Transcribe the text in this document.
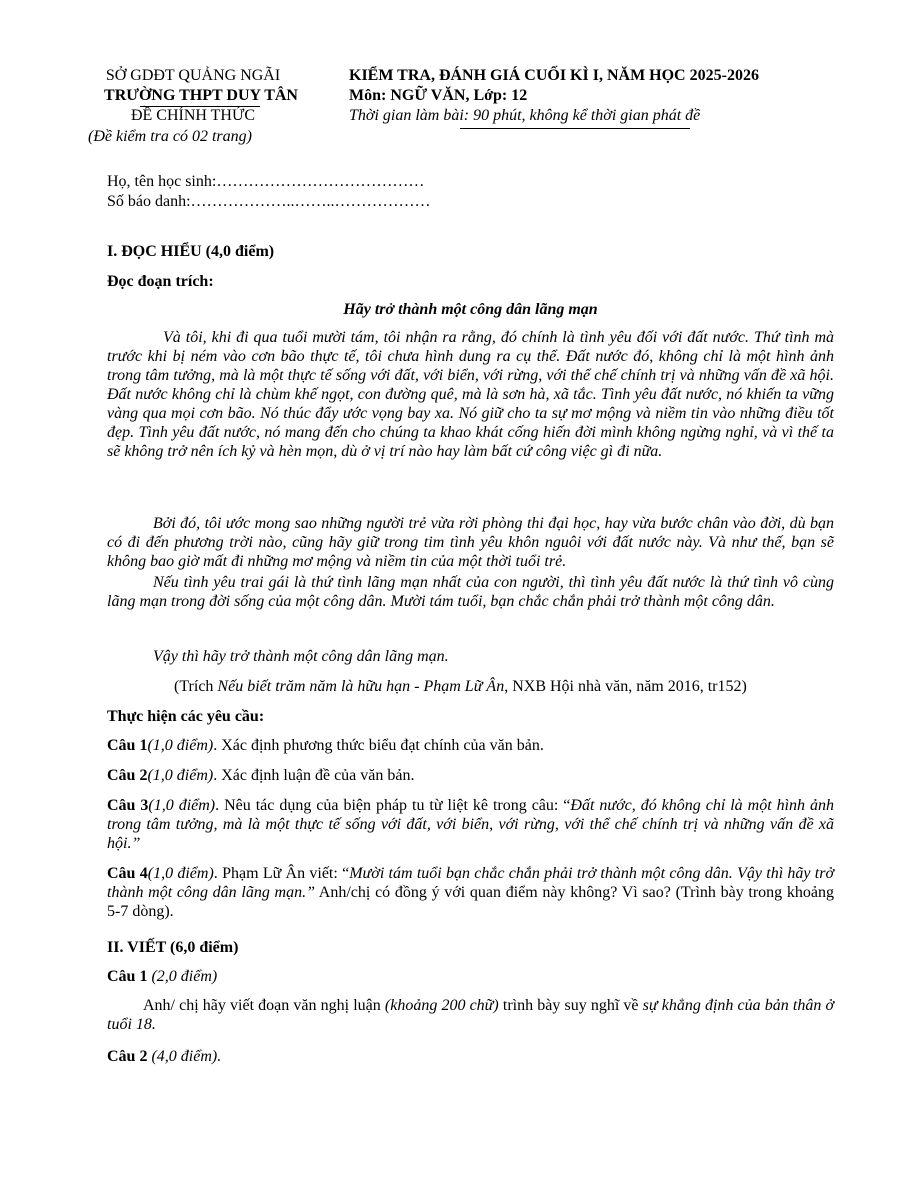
SỞ GDĐT QUẢNG NGÃI
TRƯỜNG THPT DUY TÂN
ĐỀ CHÍNH THỨC
(Đề kiểm tra có 02 trang)
KIỂM TRA, ĐÁNH GIÁ CUỐI KÌ I, NĂM HỌC 2025-2026
Môn: NGỮ VĂN, Lớp: 12
Thời gian làm bài: 90 phút, không kể thời gian phát đề
Họ, tên học sinh:…………………………………
Số báo danh:………………..……..………………
I. ĐỌC HIỂU (4,0 điểm)
Đọc đoạn trích:
Hãy trở thành một công dân lãng mạn
Và tôi, khi đi qua tuổi mười tám, tôi nhận ra rằng, đó chính là tình yêu đối với đất nước. Thứ tình mà trước khi bị ném vào cơn bão thực tế, tôi chưa hình dung ra cụ thể. Đất nước đó, không chỉ là một hình ảnh trong tâm tưởng, mà là một thực tế sống với đất, với biển, với rừng, với thể chế chính trị và những vấn đề xã hội. Đất nước không chỉ là chùm khế ngọt, con đường quê, mà là sơn hà, xã tắc. Tình yêu đất nước, nó khiến ta vững vàng qua mọi cơn bão. Nó thúc đẩy ước vọng bay xa. Nó giữ cho ta sự mơ mộng và niềm tin vào những điều tốt đẹp. Tình yêu đất nước, nó mang đến cho chúng ta khao khát cống hiến đời mình không ngừng nghỉ, và vì thế ta sẽ không trở nên ích kỷ và hèn mọn, dù ở vị trí nào hay làm bất cứ công việc gì đi nữa.
Bởi đó, tôi ước mong sao những người trẻ vừa rời phòng thi đại học, hay vừa bước chân vào đời, dù bạn có đi đến phương trời nào, cũng hãy giữ trong tim tình yêu khôn nguôi với đất nước này. Và như thế, bạn sẽ không bao giờ mất đi những mơ mộng và niềm tin của một thời tuổi trẻ.
Nếu tình yêu trai gái là thứ tình lãng mạn nhất của con người, thì tình yêu đất nước là thứ tình vô cùng lãng mạn trong đời sống của một công dân. Mười tám tuổi, bạn chắc chắn phải trở thành một công dân.
Vậy thì hãy trở thành một công dân lãng mạn.
(Trích Nếu biết trăm năm là hữu hạn - Phạm Lữ Ân, NXB Hội nhà văn, năm 2016, tr152)
Thực hiện các yêu cầu:
Câu 1(1,0 điểm). Xác định phương thức biểu đạt chính của văn bản.
Câu 2(1,0 điểm). Xác định luận đề của văn bản.
Câu 3(1,0 điểm). Nêu tác dụng của biện pháp tu từ liệt kê trong câu: “Đất nước, đó không chỉ là một hình ảnh trong tâm tưởng, mà là một thực tế sống với đất, với biển, với rừng, với thể chế chính trị và những vấn đề xã hội.”
Câu 4(1,0 điểm). Phạm Lữ Ân viết: “Mười tám tuổi bạn chắc chắn phải trở thành một công dân. Vậy thì hãy trở thành một công dân lãng mạn.” Anh/chị có đồng ý với quan điểm này không? Vì sao? (Trình bày trong khoảng 5-7 dòng).
II. VIẾT (6,0 điểm)
Câu 1 (2,0 điểm)
Anh/ chị hãy viết đoạn văn nghị luận (khoảng 200 chữ) trình bày suy nghĩ về sự khẳng định của bản thân ở tuổi 18.
Câu 2 (4,0 điểm).
